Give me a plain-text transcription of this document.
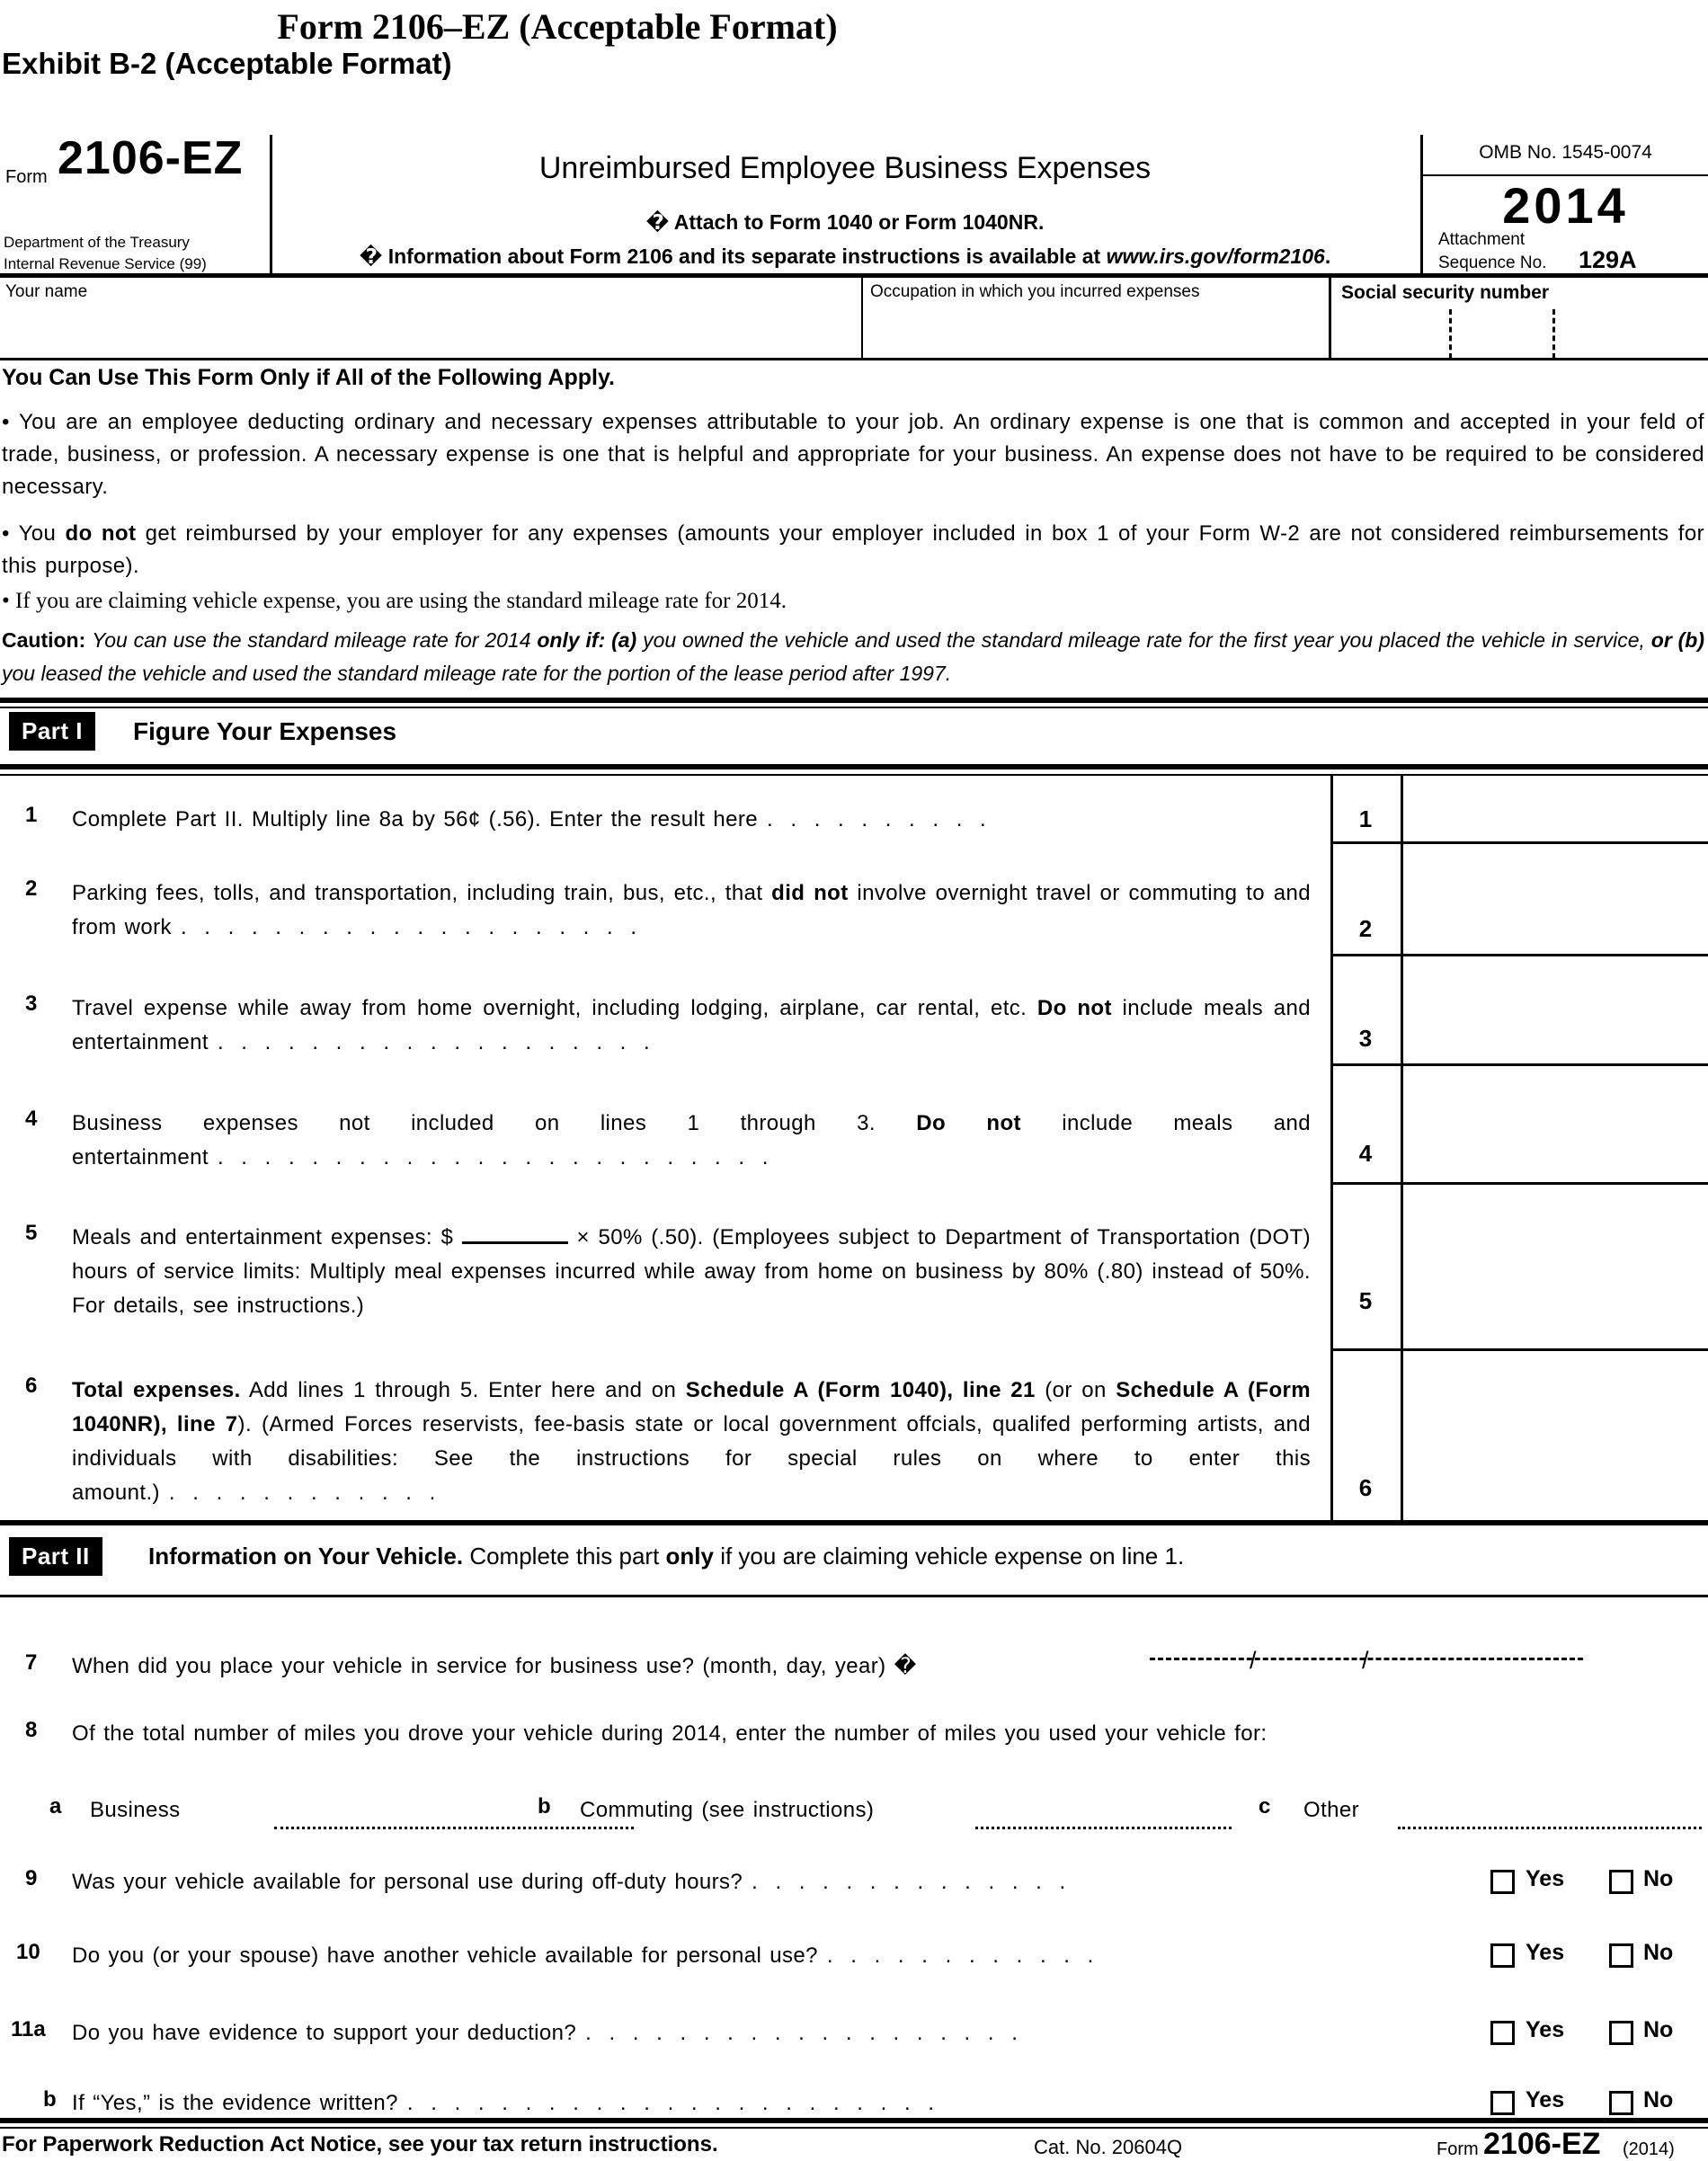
Form 2106–EZ (Acceptable Format)
Exhibit B-2 (Acceptable Format)
Form 2106-EZ
Department of the Treasury
Internal Revenue Service (99)
Unreimbursed Employee Business Expenses
� Attach to Form 1040 or Form 1040NR.
� Information about Form 2106 and its separate instructions is available at www.irs.gov/form2106.
OMB No. 1545-0074
2014
Attachment
Sequence No. 129A
Your name	Occupation in which you incurred expenses	Social security number
You Can Use This Form Only if All of the Following Apply.
• You are an employee deducting ordinary and necessary expenses attributable to your job. An ordinary expense is one that is common and accepted in your feld of trade, business, or profession. A necessary expense is one that is helpful and appropriate for your business. An expense does not have to be required to be considered necessary.
• You do not get reimbursed by your employer for any expenses (amounts your employer included in box 1 of your Form W-2 are not considered reimbursements for this purpose).
• If you are claiming vehicle expense, you are using the standard mileage rate for 2014.
Caution: You can use the standard mileage rate for 2014 only if: (a) you owned the vehicle and used the standard mileage rate for the first year you placed the vehicle in service, or (b) you leased the vehicle and used the standard mileage rate for the portion of the lease period after 1997.
Part I	Figure Your Expenses
1 Complete Part II. Multiply line 8a by 56¢ (.56). Enter the result here . . . . . . . . . .	1
2 Parking fees, tolls, and transportation, including train, bus, etc., that did not involve overnight travel or commuting to and from work . . . . . . . . . . . . . . . . . . . .	2
3 Travel expense while away from home overnight, including lodging, airplane, car rental, etc. Do not include meals and entertainment . . . . . . . . . . . . . . . . . . .	3
4 Business expenses not included on lines 1 through 3. Do not include meals and entertainment . . . . . . . . . . . . . . . . . . . . . . . .	4
5 Meals and entertainment expenses: $	× 50% (.50). (Employees subject to Department of Transportation (DOT) hours of service limits: Multiply meal expenses incurred while away from home on business by 80% (.80) instead of 50%. For details, see instructions.)	5
6 Total expenses. Add lines 1 through 5. Enter here and on Schedule A (Form 1040), line 21 (or on Schedule A (Form 1040NR), line 7). (Armed Forces reservists, fee-basis state or local government offcials, qualifed performing artists, and individuals with disabilities: See the instructions for special rules on where to enter this amount.) . . . . . . . . . . . .	6
Part II	Information on Your Vehicle. Complete this part only if you are claiming vehicle expense on line 1.
7 When did you place your vehicle in service for business use? (month, day, year) �	/	/
8 Of the total number of miles you drove your vehicle during 2014, enter the number of miles you used your vehicle for:
a Business	b Commuting (see instructions)	c Other
9 Was your vehicle available for personal use during off-duty hours? . . . . . . . . . . . . . .	Yes	No
10 Do you (or your spouse) have another vehicle available for personal use? . . . . . . . . . . . .	Yes	No
11a Do you have evidence to support your deduction? . . . . . . . . . . . . . . . . . . .	Yes	No
b If “Yes,” is the evidence written? . . . . . . . . . . . . . . . . . . . . . . .	Yes	No
For Paperwork Reduction Act Notice, see your tax return instructions.	Cat. No. 20604Q	Form 2106-EZ (2014)
